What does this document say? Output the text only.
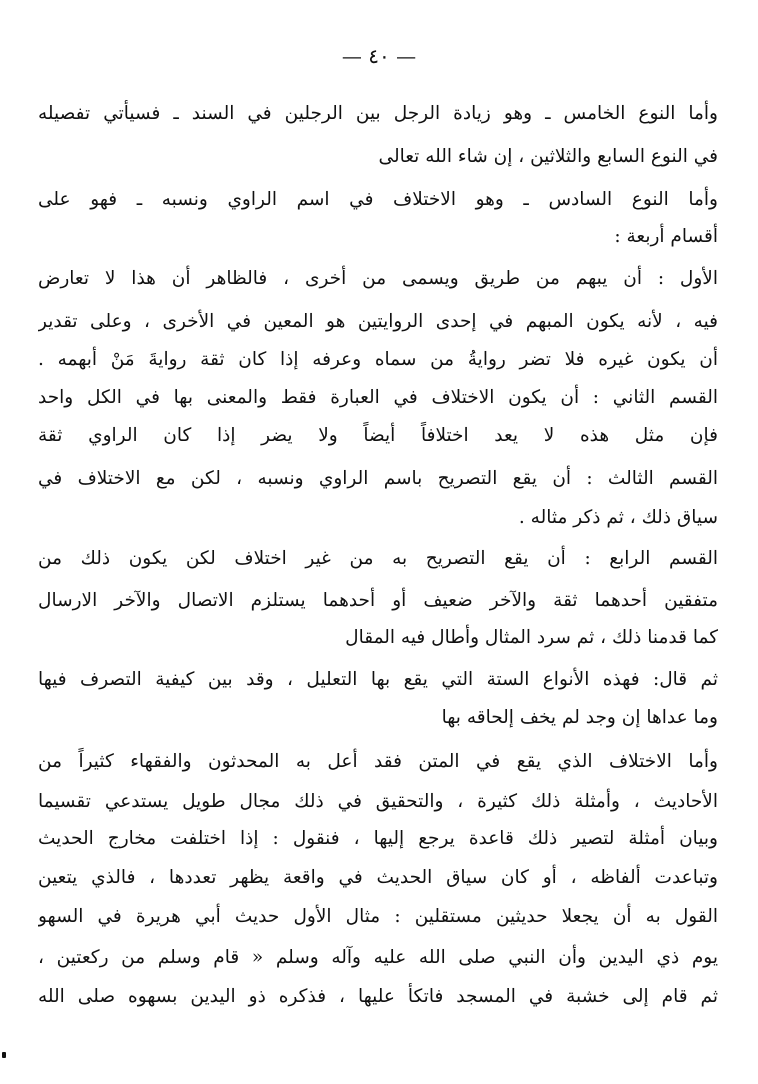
— ٤٠ —
وأما النوع الخامس ـ وهو زيادة الرجل بين الرجلين في السند ـ فسيأتي تفصيله
في النوع السابع والثلاثين ، إن شاء الله تعالى
وأما النوع السادس ـ وهو الاختلاف في اسم الراوي ونسبه ـ فهو على
أقسام أربعة :
الأول : أن يبهم من طريق ويسمى من أخرى ، فالظاهر أن هذا لا تعارض
فيه ، لأنه يكون المبهم في إحدى الروايتين هو المعين في الأخرى ، وعلى تقدير
أن يكون غيره فلا تضر روايةُ من سماه وعرفه إذا كان ثقة روايةَ مَنْ أبهمه .
القسم الثاني : أن يكون الاختلاف في العبارة فقط والمعنى بها في الكل واحد
فإن مثل هذه لا يعد اختلافاً أيضاً ولا يضر إذا كان الراوي ثقة
القسم الثالث : أن يقع التصريح باسم الراوي ونسبه ، لكن مع الاختلاف في
سياق ذلك ، ثم ذكر مثاله .
القسم الرابع : أن يقع التصريح به من غير اختلاف لكن يكون ذلك من
متفقين أحدهما ثقة والآخر ضعيف أو أحدهما يستلزم الاتصال والآخر الارسال
كما قدمنا ذلك ، ثم سرد المثال وأطال فيه المقال
ثم قال: فهذه الأنواع الستة التي يقع بها التعليل ، وقد بين كيفية التصرف فيها
وما عداها إن وجد لم يخف إلحاقه بها
وأما الاختلاف الذي يقع في المتن فقد أعل به المحدثون والفقهاء كثيراً من
الأحاديث ، وأمثلة ذلك كثيرة ، والتحقيق في ذلك مجال طويل يستدعي تقسيما
وبيان أمثلة لتصير ذلك قاعدة يرجع إليها ، فنقول : إذا اختلفت مخارج الحديث
وتباعدت ألفاظه ، أو كان سياق الحديث في واقعة يظهر تعددها ، فالذي يتعين
القول به أن يجعلا حديثين مستقلين : مثال الأول حديث أبي هريرة في السهو
يوم ذي اليدين وأن النبي صلى الله عليه وآله وسلم « قام وسلم من ركعتين ،
ثم قام إلى خشبة في المسجد فاتكأ عليها ، فذكره ذو اليدين بسهوه صلى الله
